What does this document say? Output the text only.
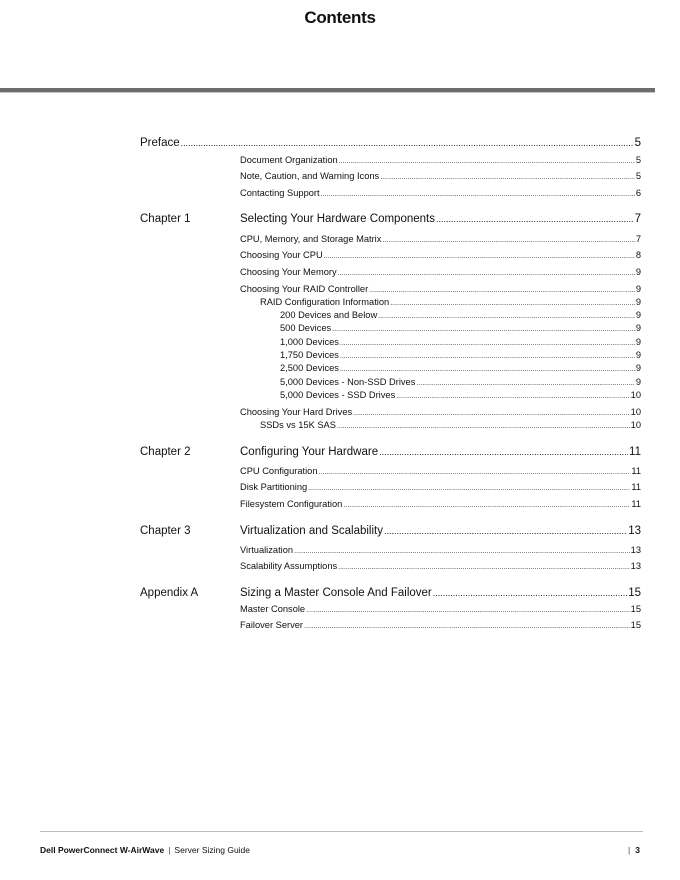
Contents
Preface .....	5
Document Organization .....	5
Note, Caution, and Warning Icons .....	5
Contacting Support .....	6
Chapter 1	Selecting Your Hardware Components .....	7
CPU, Memory, and Storage Matrix .....	7
Choosing Your CPU .....	8
Choosing Your Memory .....	9
Choosing Your RAID Controller .....	9
RAID Configuration Information .....	9
200 Devices and Below .....	9
500 Devices .....	9
1,000 Devices .....	9
1,750 Devices .....	9
2,500 Devices .....	9
5,000 Devices - Non-SSD Drives .....	9
5,000 Devices - SSD Drives .....	10
Choosing Your Hard Drives .....	10
SSDs vs 15K SAS .....	10
Chapter 2	Configuring Your Hardware .....	11
CPU Configuration .....	11
Disk Partitioning .....	11
Filesystem Configuration .....	11
Chapter 3	Virtualization and Scalability .....	13
Virtualization .....	13
Scalability Assumptions .....	13
Appendix A	Sizing a Master Console And Failover .....	15
Master Console .....	15
Failover Server .....	15
Dell PowerConnect W-AirWave | Server Sizing Guide	| 3
